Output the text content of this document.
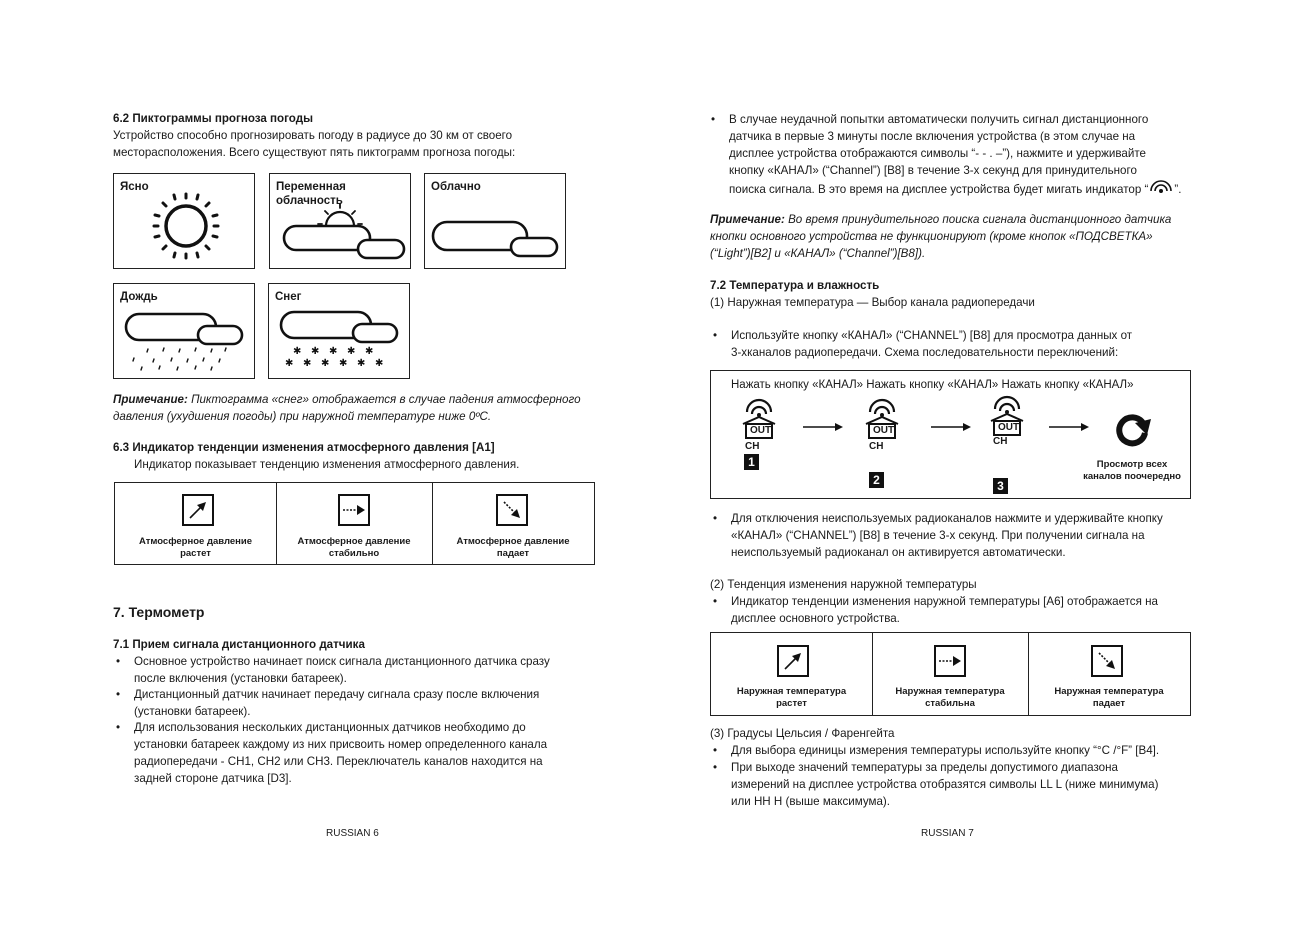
6.2 Пиктограммы прогноза погоды
Устройство способно прогнозировать погоду в радиусе до 30 км от своего
месторасположения. Всего существуют пять пиктограмм прогноза погоды:
Ясно	Переменная
облачность
Облачно
Дождь	Снег
✱ ✱ ✱ ✱ ✱
✱ ✱ ✱ ✱ ✱ ✱
Примечание: Пиктограмма «снег» отображается в случае падения атмосферного
давления (ухудшения погоды) при наружной температуре ниже 0ºС.
6.3 Индикатор тенденции изменения атмосферного давления [A1]
Индикатор показывает тенденцию изменения атмосферного давления.
Атмосферное давление
растет
Атмосферное давление
стабильно
Атмосферное давление
падает
7. Термометр
7.1 Прием сигнала дистанционного датчика
• Основное устройство начинает поиск сигнала дистанционного датчика сразу
после включения (установки батареек).
• Дистанционный датчик начинает передачу сигнала сразу после включения
(установки батареек).
• Для использования нескольких дистанционных датчиков необходимо до
установки батареек каждому из них присвоить номер определенного канала
радиопередачи - CH1, CH2 или CH3. Переключатель каналов находится на
задней стороне датчика [D3].
RUSSIAN 6
• В случае неудачной попытки автоматически получить сигнал дистанционного
датчика в первые 3 минуты после включения устройства (в этом случае на
дисплее устройства отображаются символы “- - . –”), нажмите и удерживайте
кнопку «КАНАЛ» (“Channel”) [B8] в течение 3-х секунд для принудительного
поиска сигнала. В это время на дисплее устройства будет мигать индикатор “ ”.
Примечание: Во время принудительного поиска сигнала дистанционного датчика
кнопки основного устройства не функционируют (кроме кнопок «ПОДСВЕТКА»
(“Light”)[B2] и «КАНАЛ» (“Channel”)[B8]).
7.2 Температура и влажность
(1) Наружная температура — Выбор канала радиопередачи
• Используйте кнопку «КАНАЛ» (“CHANNEL”) [B8] для просмотра данных от
3-хканалов радиопередачи. Схема последовательности переключений:
Нажать кнопку «КАНАЛ» Нажать кнопку «КАНАЛ» Нажать кнопку «КАНАЛ»
OUT
CH
1
OUT
CH
2
OUT
CH
3
Просмотр всех
каналов поочередно
• Для отключения неиспользуемых радиоканалов нажмите и удерживайте кнопку
«КАНАЛ» (“CHANNEL”) [B8] в течение 3-х секунд. При получении сигнала на
неиспользуемый радиоканал он активируется автоматически.
(2) Тенденция изменения наружной температуры
• Индикатор тенденции изменения наружной температуры [A6] отображается на
дисплее основного устройства.
Наружная температура
растет
Наружная температура
стабильна
Наружная температура
падает
(3) Градусы Цельсия / Фаренгейта
• Для выбора единицы измерения температуры используйте кнопку “°C /°F” [B4].
• При выходе значений температуры за пределы допустимого диапазона
измерений на дисплее устройства отобразятся символы LL L (ниже минимума)
или HH H (выше максимума).
RUSSIAN 7
